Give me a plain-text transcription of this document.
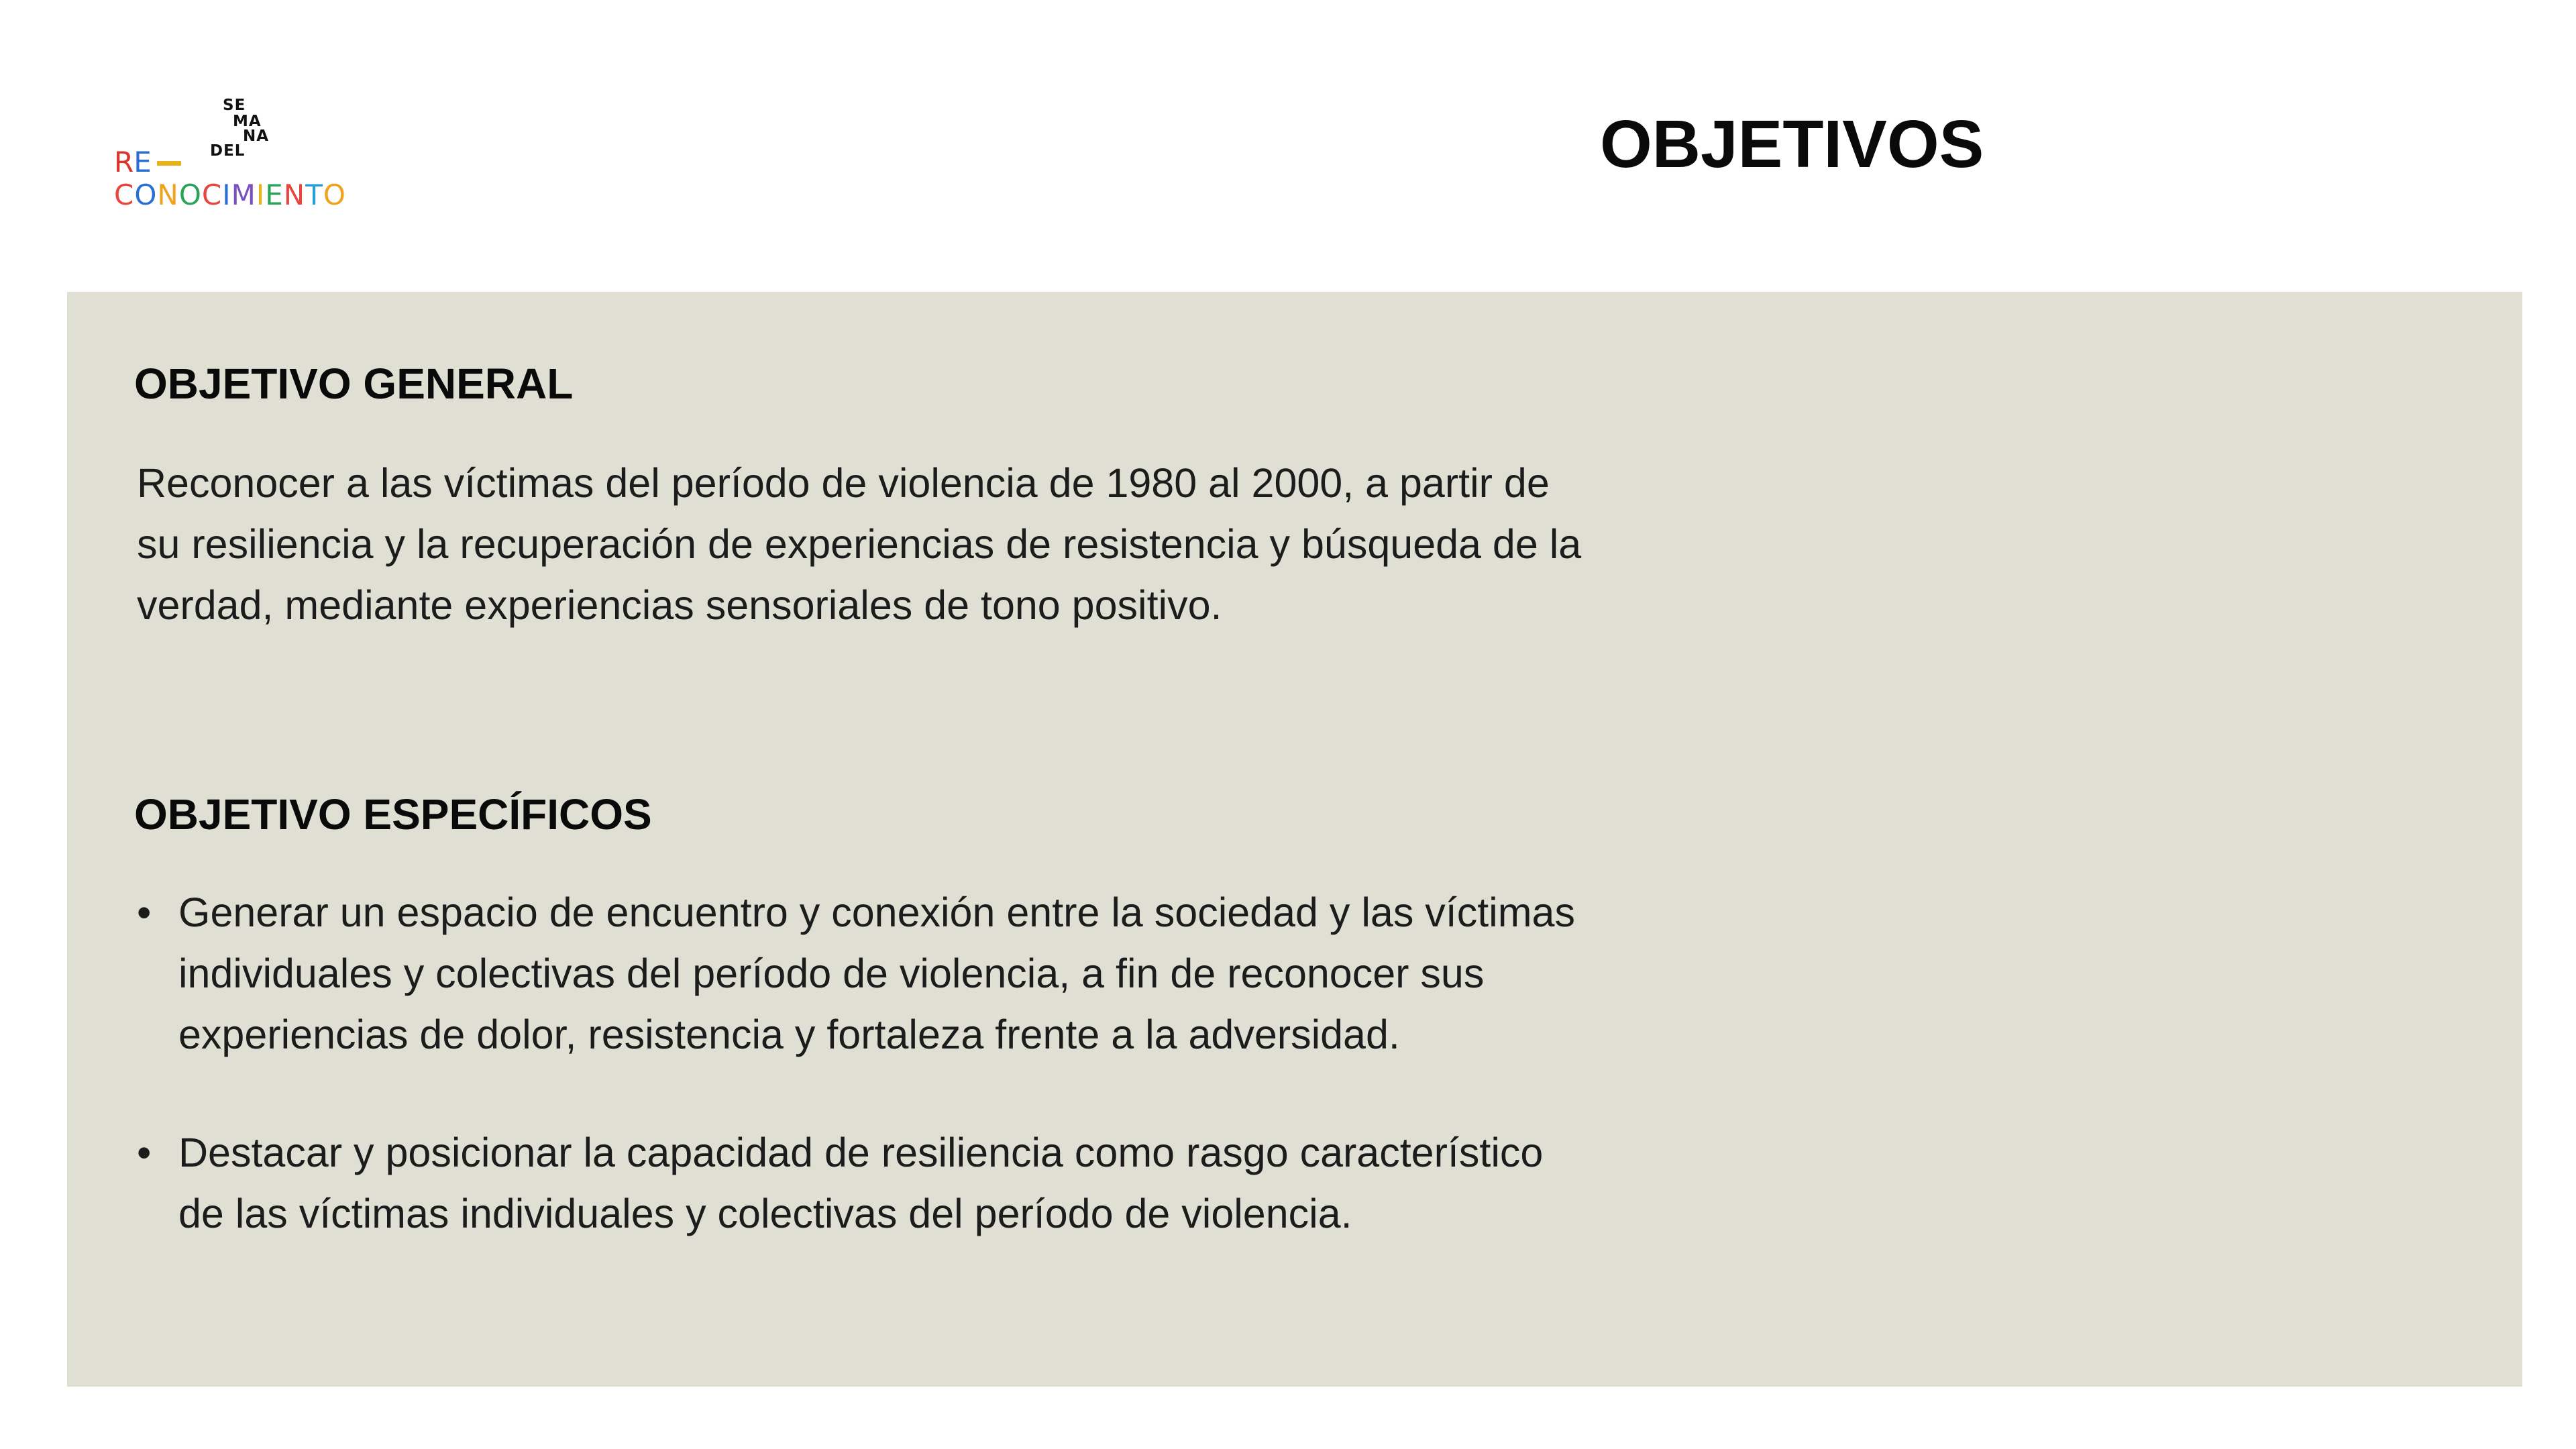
SE
MA
NA
DEL
R E
CONOCIMIENTO
OBJETIVOS
OBJETIVO GENERAL

Reconocer a las víctimas del período de violencia de 1980 al 2000, a partir de
su resiliencia y la recuperación de experiencias de resistencia y búsqueda de la
verdad, mediante experiencias sensoriales de tono positivo.

OBJETIVO ESPECÍFICOS
• Generar un espacio de encuentro y conexión entre la sociedad y las víctimas
individuales y colectivas del período de violencia, a fin de reconocer sus
experiencias de dolor, resistencia y fortaleza frente a la adversidad.
• Destacar y posicionar la capacidad de resiliencia como rasgo característico
de las víctimas individuales y colectivas del período de violencia.
